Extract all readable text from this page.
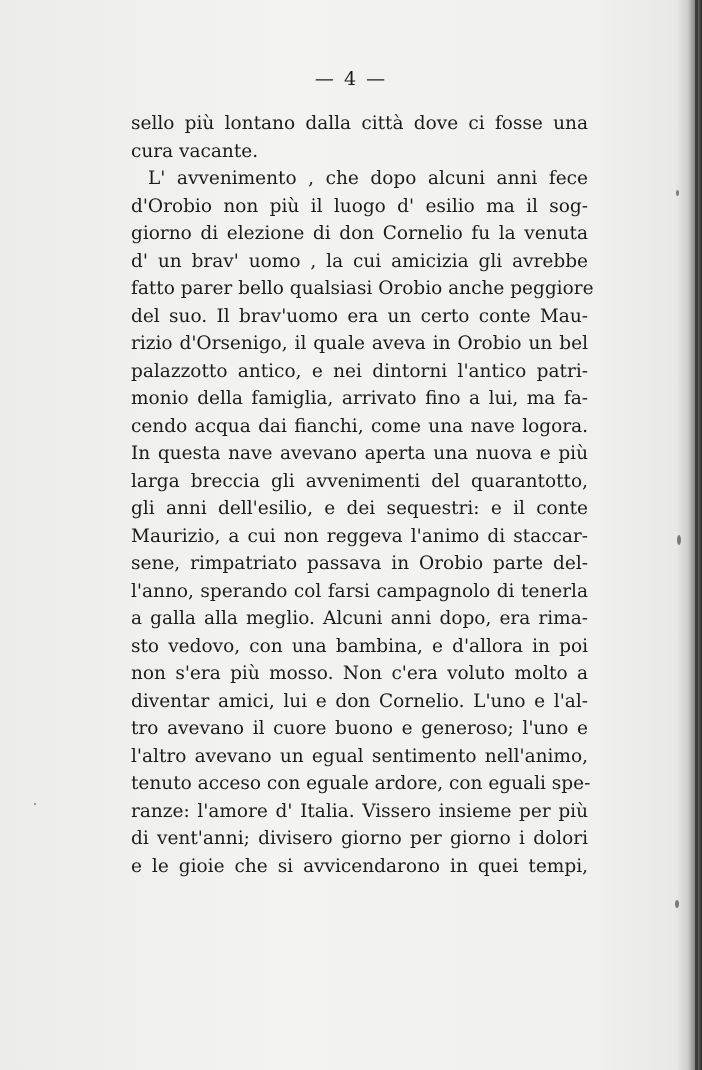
— 4 —
sello più lontano dalla città dove ci fosse una
cura vacante.
L' avvenimento , che dopo alcuni anni fece
d'Orobio non più il luogo d' esilio ma il sog-
giorno di elezione di don Cornelio fu la venuta
d' un brav' uomo , la cui amicizia gli avrebbe
fatto parer bello qualsiasi Orobio anche peggiore
del suo. Il brav'uomo era un certo conte Mau-
rizio d'Orsenigo, il quale aveva in Orobio un bel
palazzotto antico, e nei dintorni l'antico patri-
monio della famiglia, arrivato fino a lui, ma fa-
cendo acqua dai fianchi, come una nave logora.
In questa nave avevano aperta una nuova e più
larga breccia gli avvenimenti del quarantotto,
gli anni dell'esilio, e dei sequestri: e il conte
Maurizio, a cui non reggeva l'animo di staccar-
sene, rimpatriato passava in Orobio parte del-
l'anno, sperando col farsi campagnolo di tenerla
a galla alla meglio. Alcuni anni dopo, era rima-
sto vedovo, con una bambina, e d'allora in poi
non s'era più mosso. Non c'era voluto molto a
diventar amici, lui e don Cornelio. L'uno e l'al-
tro avevano il cuore buono e generoso; l'uno e
l'altro avevano un egual sentimento nell'animo,
tenuto acceso con eguale ardore, con eguali spe-
ranze: l'amore d' Italia. Vissero insieme per più
di vent'anni; divisero giorno per giorno i dolori
e le gioie che si avvicendarono in quei tempi,
